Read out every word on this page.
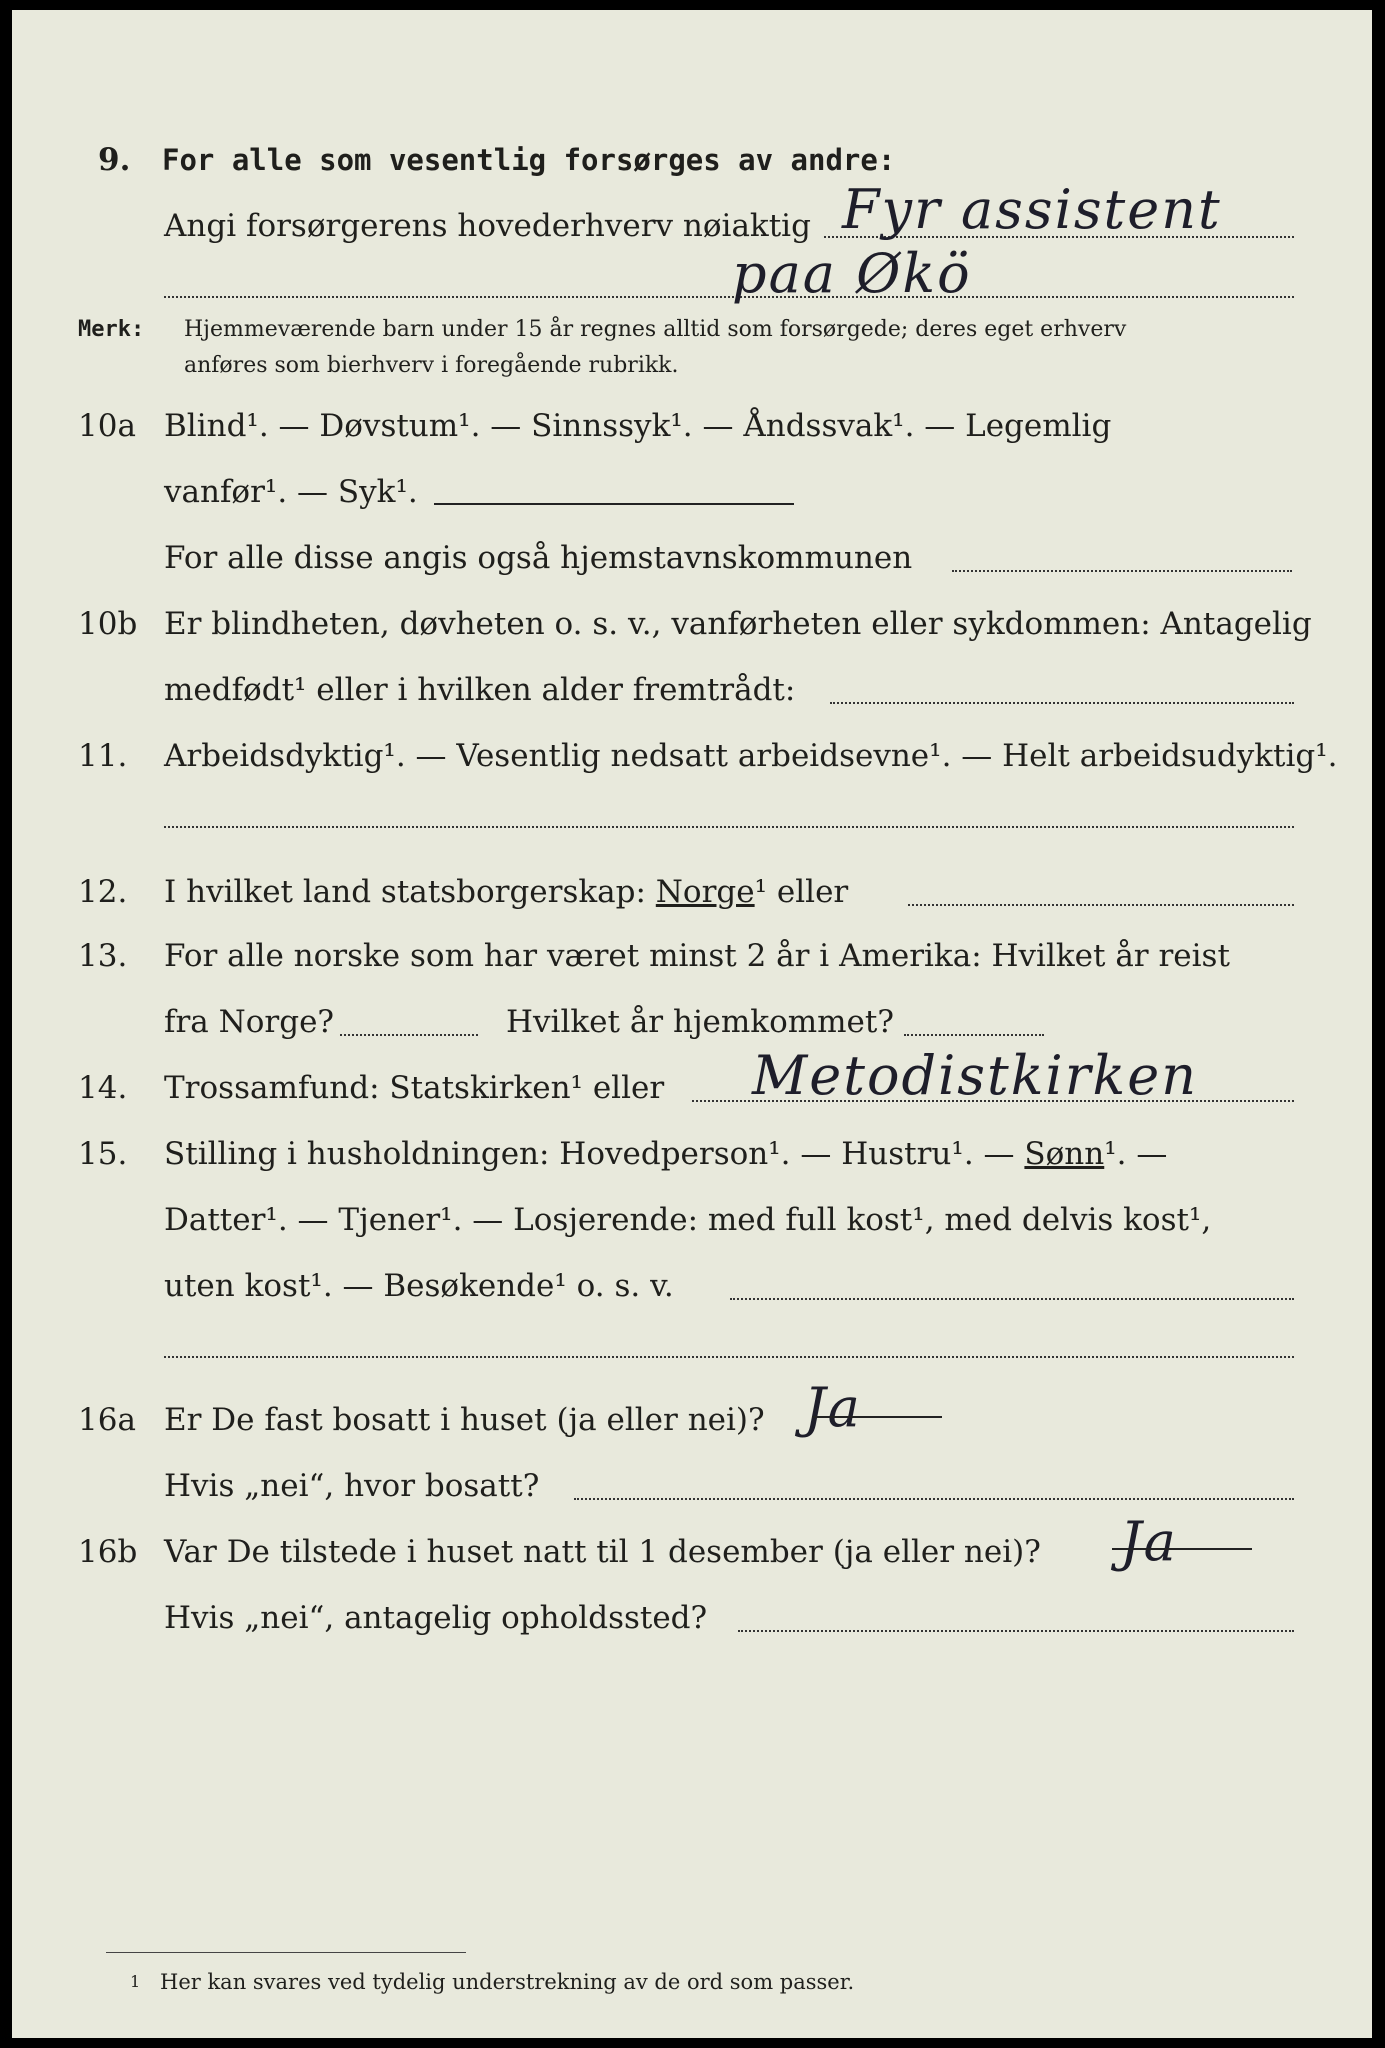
9. For alle som vesentlig forsørges av andre:
Angi forsørgerens hovederhverv nøiaktig Fyr assistent
paa Økö
Merk: Hjemmeværende barn under 15 år regnes alltid som forsørgede; deres eget erhverv
anføres som bierhverv i foregående rubrikk.
10a Blind¹. — Døvstum¹. — Sinnssyk¹. — Åndssvak¹. — Legemlig
vanfør¹. — Syk¹.
For alle disse angis også hjemstavnskommunen
10b Er blindheten, døvheten o. s. v., vanførheten eller sykdommen: Antagelig
medfødt¹ eller i hvilken alder fremtrådt:
11. Arbeidsdyktig¹. — Vesentlig nedsatt arbeidsevne¹. — Helt arbeidsudyktig¹.
12. I hvilket land statsborgerskap: Norge¹ eller
13. For alle norske som har været minst 2 år i Amerika: Hvilket år reist
fra Norge?	Hvilket år hjemkommet?
14. Trossamfund: Statskirken¹ eller Metodistkirken
15. Stilling i husholdningen: Hovedperson¹. — Hustru¹. — Sønn¹. —
Datter¹. — Tjener¹. — Losjerende: med full kost¹, med delvis kost¹,
uten kost¹. — Besøkende¹ o. s. v.
16a Er De fast bosatt i huset (ja eller nei)? Ja
Hvis „nei“, hvor bosatt?
16b Var De tilstede i huset natt til 1 desember (ja eller nei)? Ja
Hvis „nei“, antagelig opholdssted?
1 Her kan svares ved tydelig understrekning av de ord som passer.
